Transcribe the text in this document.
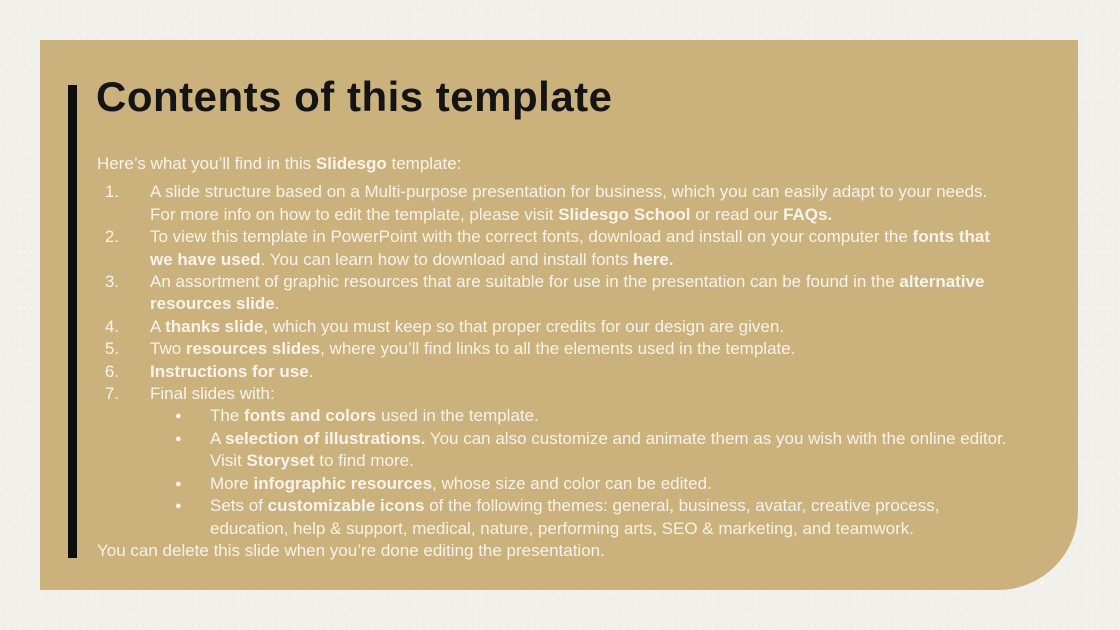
Contents of this template

Here’s what you’ll find in this Slidesgo template:

1. A slide structure based on a Multi-purpose presentation for business, which you can easily adapt to your needs. For more info on how to edit the template, please visit Slidesgo School or read our FAQs.
2. To view this template in PowerPoint with the correct fonts, download and install on your computer the fonts that we have used. You can learn how to download and install fonts here.
3. An assortment of graphic resources that are suitable for use in the presentation can be found in the alternative resources slide.
4. A thanks slide, which you must keep so that proper credits for our design are given.
5. Two resources slides, where you’ll find links to all the elements used in the template.
6. Instructions for use.
7. Final slides with:
●	The fonts and colors used in the template.
●	A selection of illustrations. You can also customize and animate them as you wish with the online editor. Visit Storyset to find more.
●	More infographic resources, whose size and color can be edited.
●	Sets of customizable icons of the following themes: general, business, avatar, creative process, education, help & support, medical, nature, performing arts, SEO & marketing, and teamwork.

You can delete this slide when you’re done editing the presentation.
